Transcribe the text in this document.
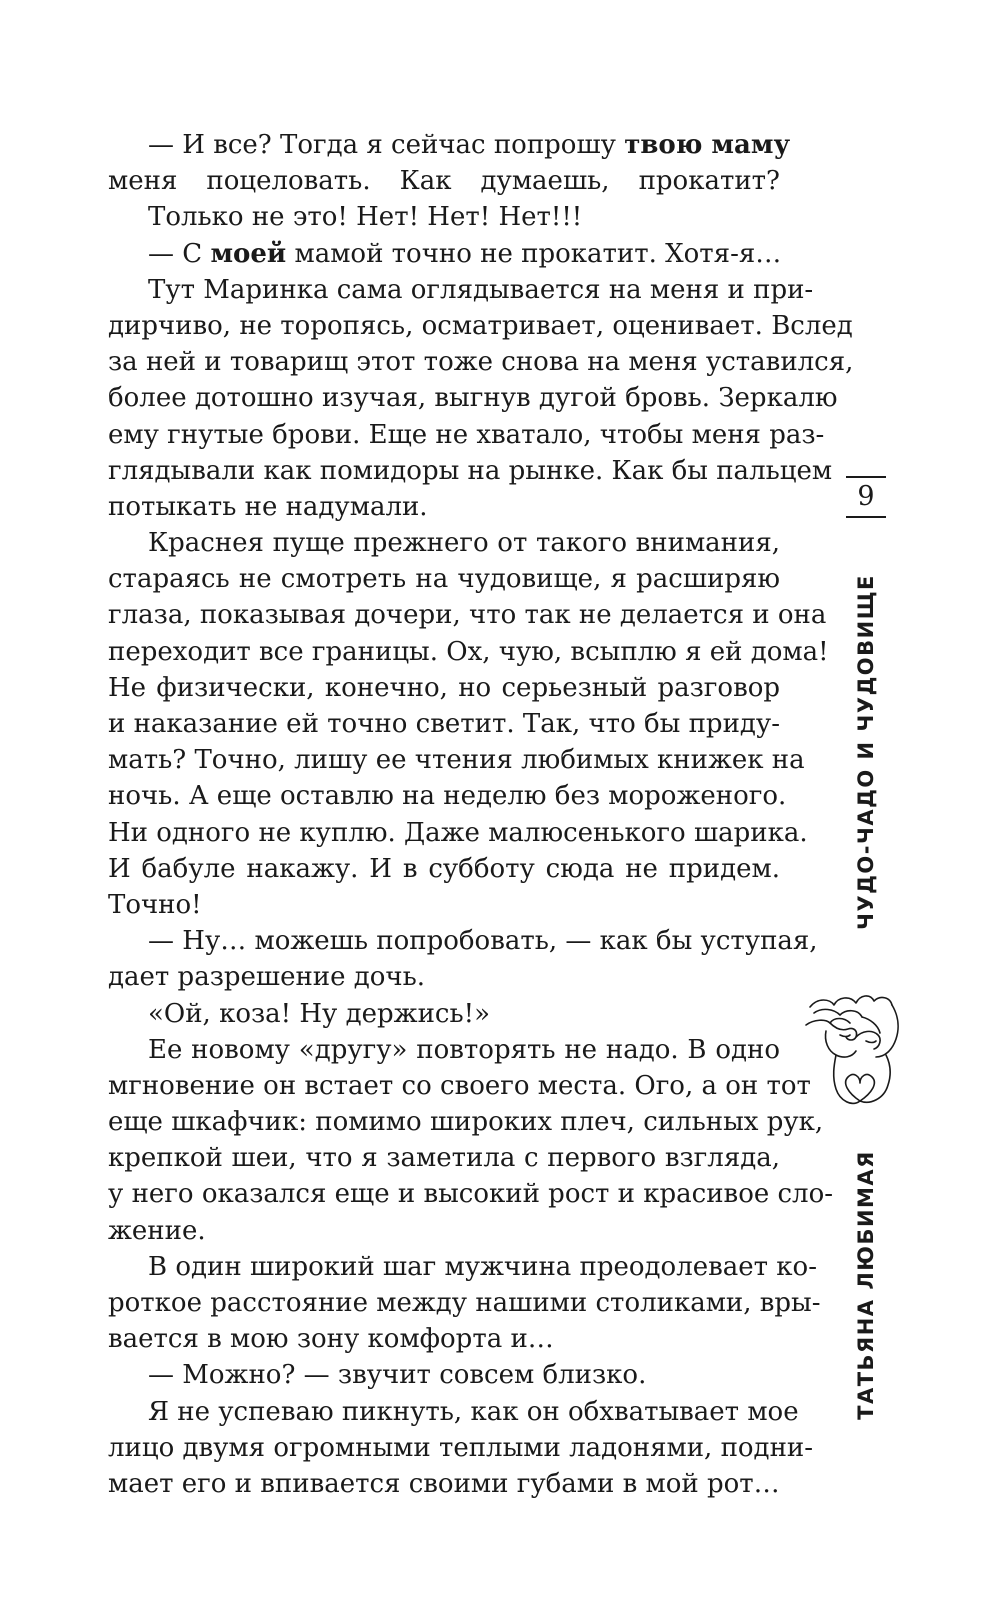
— И все? Тогда я сейчас попрошу твою маму
меня поцеловать. Как думаешь, прокатит?
Только не это! Нет! Нет! Нет!!!
— С моей мамой точно не прокатит. Хотя-я…
Тут Маринка сама оглядывается на меня и при-
дирчиво, не торопясь, осматривает, оценивает. Вслед
за ней и товарищ этот тоже снова на меня уставился,
более дотошно изучая, выгнув дугой бровь. Зеркалю
ему гнутые брови. Еще не хватало, чтобы меня раз-
глядывали как помидоры на рынке. Как бы пальцем
потыкать не надумали.
Краснея пуще прежнего от такого внимания,
стараясь не смотреть на чудовище, я расширяю
глаза, показывая дочери, что так не делается и она
переходит все границы. Ох, чую, всыплю я ей дома!
Не физически, конечно, но серьезный разговор
и наказание ей точно светит. Так, что бы приду-
мать? Точно, лишу ее чтения любимых книжек на
ночь. А еще оставлю на неделю без мороженого.
Ни одного не куплю. Даже малюсенького шарика.
И бабуле накажу. И в субботу сюда не придем.
Точно!
— Ну… можешь попробовать, — как бы уступая,
дает разрешение дочь.
«Ой, коза! Ну держись!»
Ее новому «другу» повторять не надо. В одно
мгновение он встает со своего места. Ого, а он тот
еще шкафчик: помимо широких плеч, сильных рук,
крепкой шеи, что я заметила с первого взгляда,
у него оказался еще и высокий рост и красивое сло-
жение.
В один широкий шаг мужчина преодолевает ко-
роткое расстояние между нашими столиками, вры-
вается в мою зону комфорта и…
— Можно? — звучит совсем близко.
Я не успеваю пикнуть, как он обхватывает мое
лицо двумя огромными теплыми ладонями, подни-
мает его и впивается своими губами в мой рот…
9
ЧУДО-ЧАДО И ЧУДОВИЩЕ
ТАТЬЯНА ЛЮБИМАЯ
